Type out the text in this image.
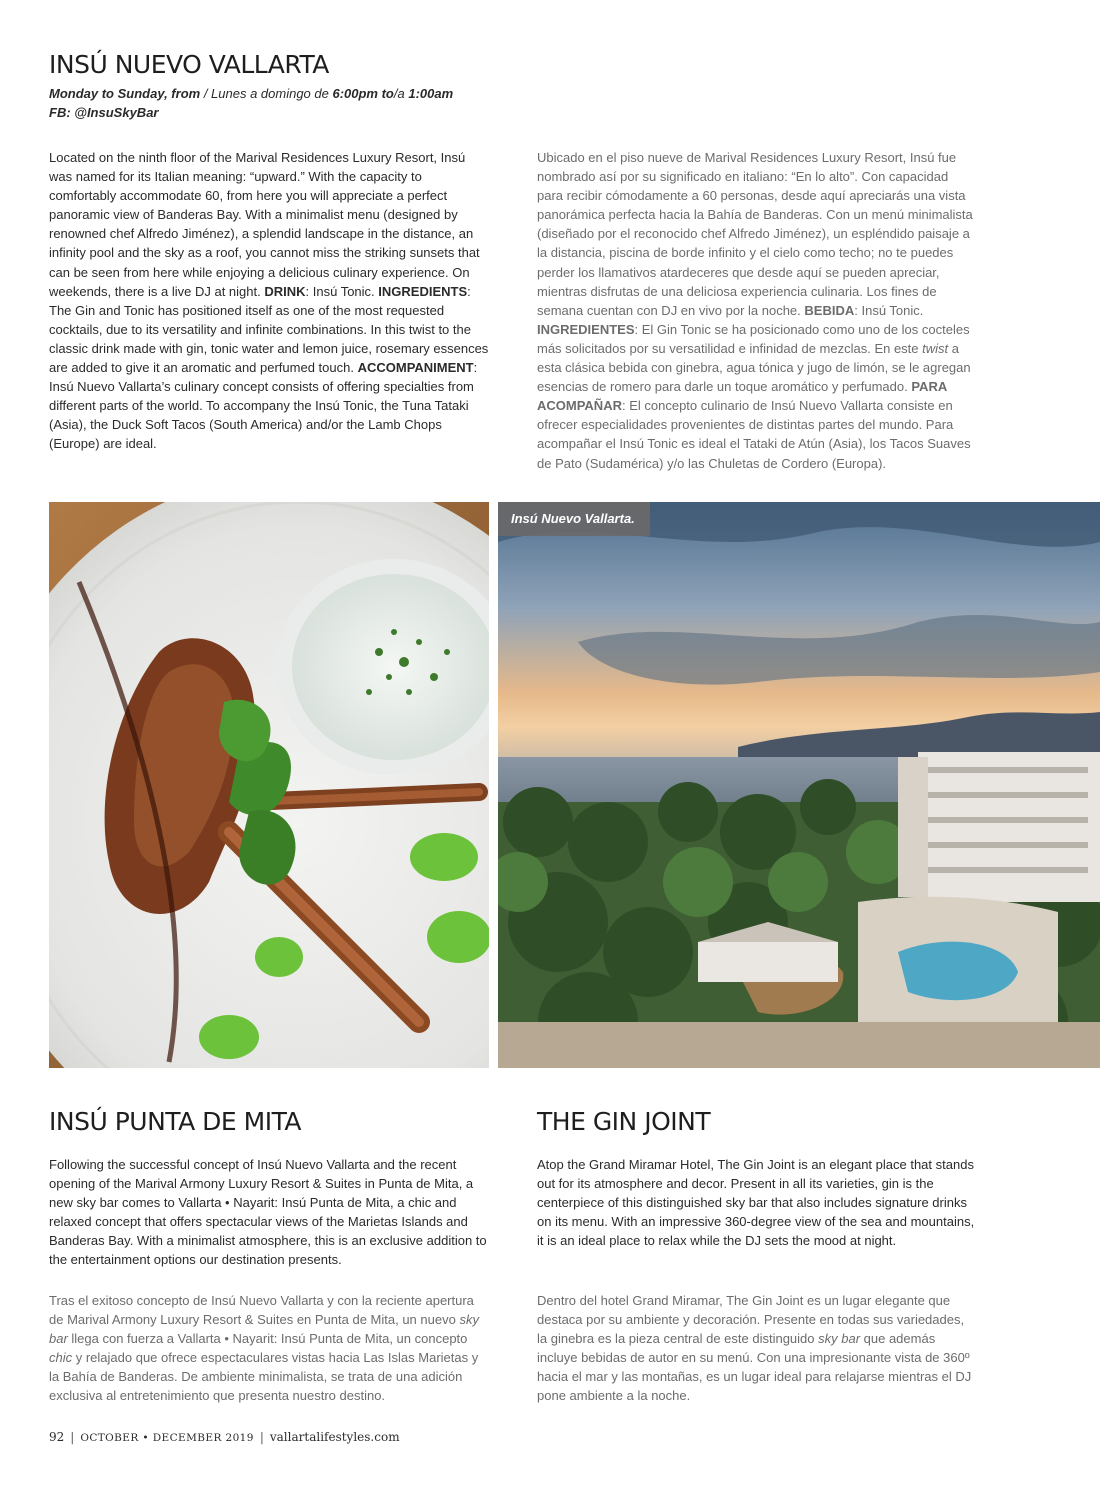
INSÚ NUEVO VALLARTA
Monday to Sunday, from / Lunes a domingo de 6:00pm to/a 1:00am
FB: @InsuSkyBar

Located on the ninth floor of the Marival Residences Luxury Resort, Insú was named for its Italian meaning: “upward.” With the capacity to comfortably accommodate 60, from here you will appreciate a perfect panoramic view of Banderas Bay. With a minimalist menu (designed by renowned chef Alfredo Jiménez), a splendid landscape in the distance, an infinity pool and the sky as a roof, you cannot miss the striking sunsets that can be seen from here while enjoying a delicious culinary experience. On weekends, there is a live DJ at night. DRINK: Insú Tonic. INGREDIENTS: The Gin and Tonic has positioned itself as one of the most requested cocktails, due to its versatility and infinite combinations. In this twist to the classic drink made with gin, tonic water and lemon juice, rosemary essences are added to give it an aromatic and perfumed touch. ACCOMPANIMENT: Insú Nuevo Vallarta’s culinary concept consists of offering specialties from different parts of the world. To accompany the Insú Tonic, the Tuna Tataki (Asia), the Duck Soft Tacos (South America) and/or the Lamb Chops (Europe) are ideal.

Ubicado en el piso nueve de Marival Residences Luxury Resort, Insú fue nombrado así por su significado en italiano: “En lo alto”. Con capacidad para recibir cómodamente a 60 personas, desde aquí apreciarás una vista panorámica perfecta hacia la Bahía de Banderas. Con un menú minimalista (diseñado por el reconocido chef Alfredo Jiménez), un espléndido paisaje a la distancia, piscina de borde infinito y el cielo como techo; no te puedes perder los llamativos atardeceres que desde aquí se pueden apreciar, mientras disfrutas de una deliciosa experiencia culinaria. Los fines de semana cuentan con DJ en vivo por la noche. BEBIDA: Insú Tonic. INGREDIENTES: El Gin Tonic se ha posicionado como uno de los cocteles más solicitados por su versatilidad e infinidad de mezclas. En este twist a esta clásica bebida con ginebra, agua tónica y jugo de limón, se le agregan esencias de romero para darle un toque aromático y perfumado. PARA ACOMPAÑAR: El concepto culinario de Insú Nuevo Vallarta consiste en ofrecer especialidades provenientes de distintas partes del mundo. Para acompañar el Insú Tonic es ideal el Tataki de Atún (Asia), los Tacos Suaves de Pato (Sudamérica) y/o las Chuletas de Cordero (Europa).

Insú Nuevo Vallarta.
INSÚ PUNTA DE MITA	THE GIN JOINT

Following the successful concept of Insú Nuevo Vallarta and the recent opening of the Marival Armony Luxury Resort & Suites in Punta de Mita, a new sky bar comes to Vallarta • Nayarit: Insú Punta de Mita, a chic and relaxed concept that offers spectacular views of the Marietas Islands and Banderas Bay. With a minimalist atmosphere, this is an exclusive addition to the entertainment options our destination presents.

Tras el exitoso concepto de Insú Nuevo Vallarta y con la reciente apertura de Marival Armony Luxury Resort & Suites en Punta de Mita, un nuevo sky bar llega con fuerza a Vallarta • Nayarit: Insú Punta de Mita, un concepto chic y relajado que ofrece espectaculares vistas hacia Las Islas Marietas y la Bahía de Banderas. De ambiente minimalista, se trata de una adición exclusiva al entretenimiento que presenta nuestro destino.

Atop the Grand Miramar Hotel, The Gin Joint is an elegant place that stands out for its atmosphere and decor. Present in all its varieties, gin is the centerpiece of this distinguished sky bar that also includes signature drinks on its menu. With an impressive 360-degree view of the sea and mountains, it is an ideal place to relax while the DJ sets the mood at night.

Dentro del hotel Grand Miramar, The Gin Joint es un lugar elegante que destaca por su ambiente y decoración. Presente en todas sus variedades, la ginebra es la pieza central de este distinguido sky bar que además incluye bebidas de autor en su menú. Con una impresionante vista de 360º hacia el mar y las montañas, es un lugar ideal para relajarse mientras el DJ pone ambiente a la noche.

92 | OCTOBER • DECEMBER 2019 | vallartalifestyles.com
